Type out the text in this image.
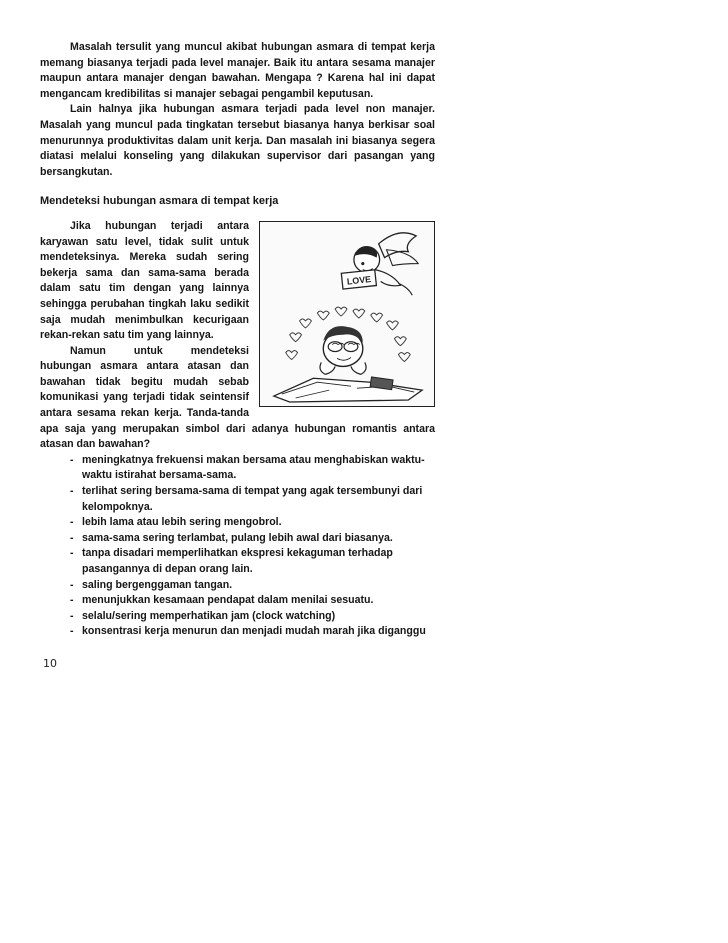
Masalah tersulit yang muncul akibat hubungan asmara di tempat kerja memang biasanya terjadi pada level manajer. Baik itu antara sesama manajer maupun antara manajer dengan bawahan. Mengapa ? Karena hal ini dapat mengancam kredibilitas si manajer sebagai pengambil keputusan.

Lain halnya jika hubungan asmara terjadi pada level non manajer. Masalah yang muncul pada tingkatan tersebut biasanya hanya berkisar soal menurunnya produktivitas dalam unit kerja. Dan masalah ini biasanya segera diatasi melalui konseling yang dilakukan supervisor dari pasangan yang bersangkutan.

Mendeteksi hubungan asmara di tempat kerja
LOVE

Jika hubungan terjadi antara karyawan satu level, tidak sulit untuk mendeteksinya. Mereka sudah sering bekerja sama dan sama-sama berada dalam satu tim dengan yang lainnya sehingga perubahan tingkah laku sedikit saja mudah menimbulkan kecurigaan rekan-rekan satu tim yang lainnya.

Namun untuk mendeteksi hubungan asmara antara atasan dan bawahan tidak begitu mudah sebab komunikasi yang terjadi tidak seintensif antara sesama rekan kerja. Tanda-tanda apa saja yang merupakan simbol dari adanya hubungan romantis antara atasan dan bawahan?

- meningkatnya frekuensi makan bersama atau menghabiskan waktu-waktu istirahat bersama-sama.
- terlihat sering bersama-sama di tempat yang agak tersembunyi dari kelompoknya.
- lebih lama atau lebih sering mengobrol.
- sama-sama sering terlambat, pulang lebih awal dari biasanya.
- tanpa disadari memperlihatkan ekspresi kekaguman terhadap pasangannya di depan orang lain.
- saling bergenggaman tangan.
- menunjukkan kesamaan pendapat dalam menilai sesuatu.
- selalu/sering memperhatikan jam (clock watching)
- konsentrasi kerja menurun dan menjadi mudah marah jika diganggu
10
